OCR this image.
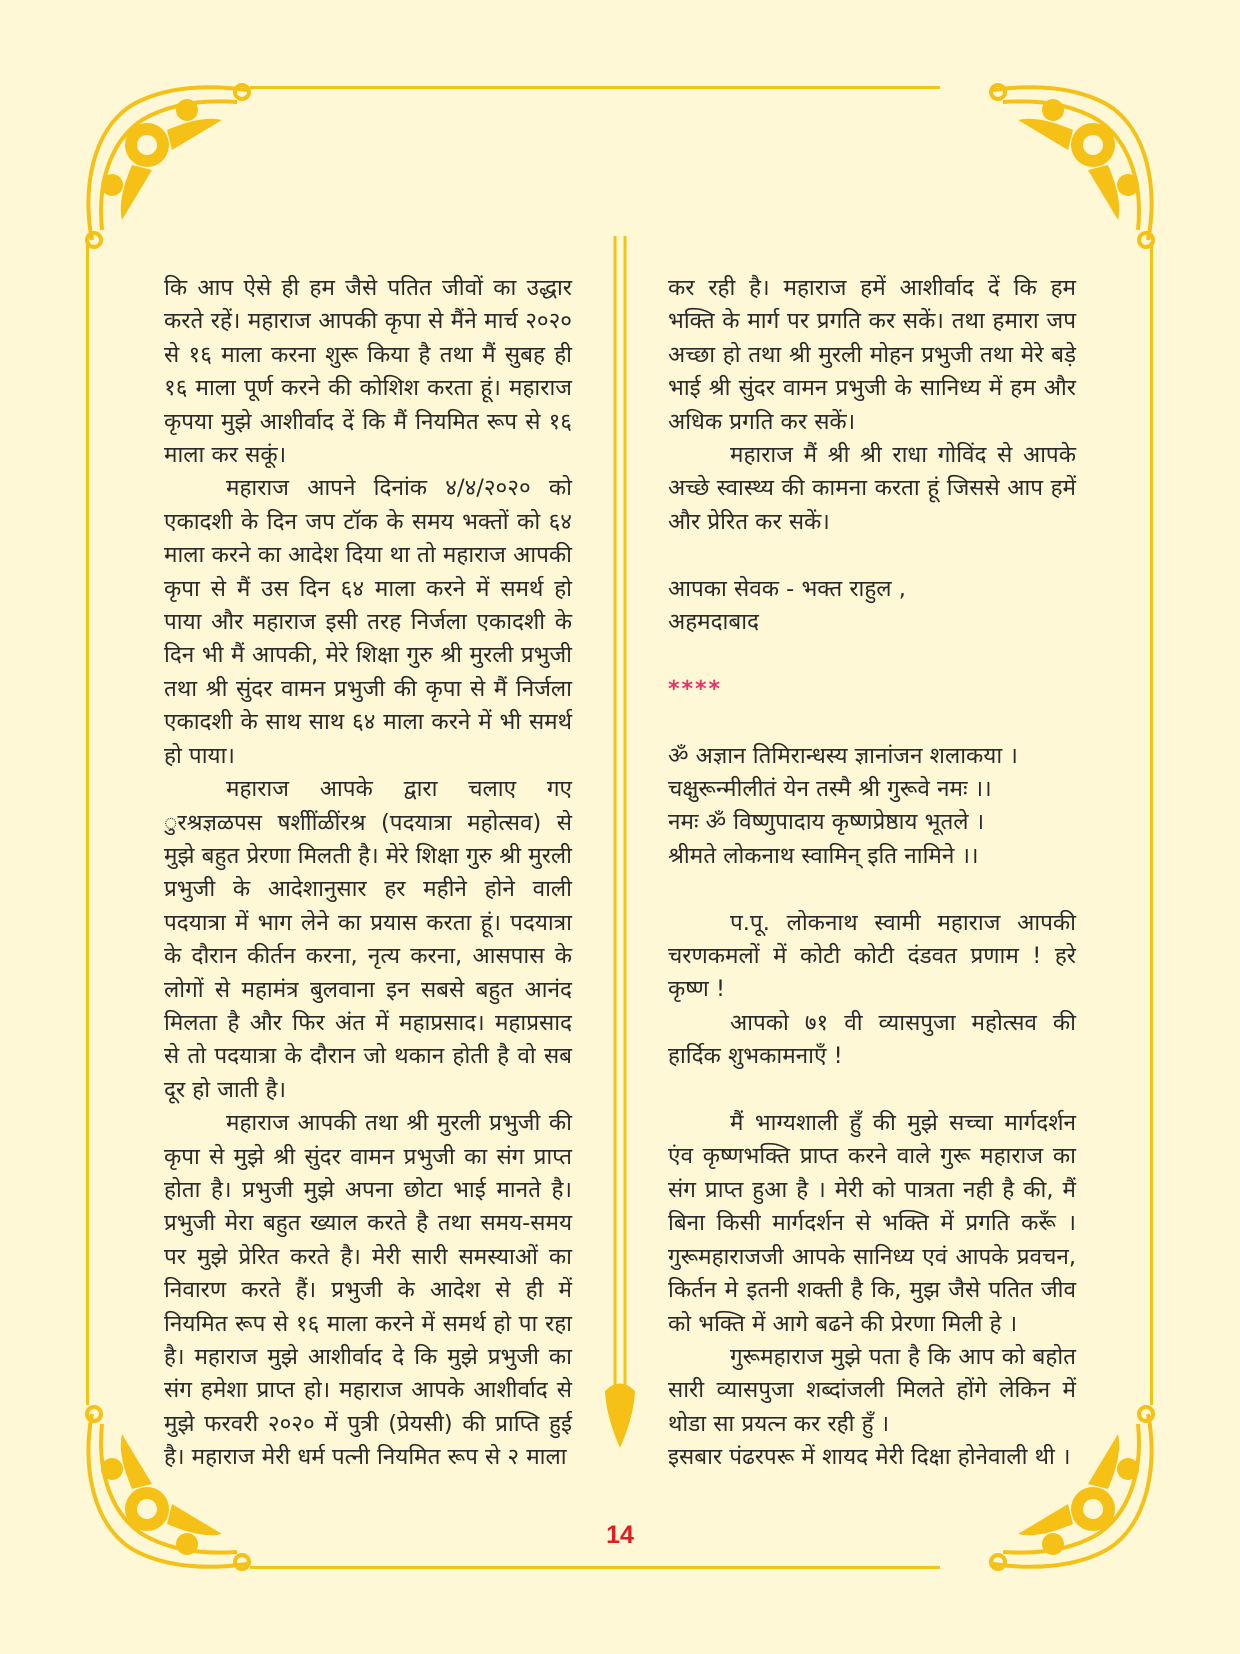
कि आप ऐसे ही हम जैसे पतित जीवों का उद्धार करते रहें। महाराज आपकी कृपा से मैंने मार्च २०२० से १६ माला करना शुरू किया है तथा मैं सुबह ही १६ माला पूर्ण करने की कोशिश करता हूं। महाराज कृपया मुझे आशीर्वाद दें कि मैं नियमित रूप से १६ माला कर सकूं।

महाराज आपने दिनांक ४/४/२०२० को एकादशी के दिन जप टॉक के समय भक्तों को ६४ माला करने का आदेश दिया था तो महाराज आपकी कृपा से मैं उस दिन ६४ माला करने में समर्थ हो पाया और महाराज इसी तरह निर्जला एकादशी के दिन भी मैं आपकी, मेरे शिक्षा गुरु श्री मुरली प्रभुजी तथा श्री सुंदर वामन प्रभुजी की कृपा से मैं निर्जला एकादशी के साथ साथ ६४ माला करने में भी समर्थ हो पाया।

महाराज आपके द्वारा चलाए गए ुरश्रज्ञळपस षशीींळींरश्र (पदयात्रा महोत्सव) से मुझे बहुत प्रेरणा मिलती है। मेरे शिक्षा गुरु श्री मुरली प्रभुजी के आदेशानुसार हर महीने होने वाली पदयात्रा में भाग लेने का प्रयास करता हूं। पदयात्रा के दौरान कीर्तन करना, नृत्य करना, आसपास के लोगों से महामंत्र बुलवाना इन सबसे बहुत आनंद मिलता है और फिर अंत में महाप्रसाद। महाप्रसाद से तो पदयात्रा के दौरान जो थकान होती है वो सब दूर हो जाती है।

महाराज आपकी तथा श्री मुरली प्रभुजी की कृपा से मुझे श्री सुंदर वामन प्रभुजी का संग प्राप्त होता है। प्रभुजी मुझे अपना छोटा भाई मानते है। प्रभुजी मेरा बहुत ख्याल करते है तथा समय-समय पर मुझे प्रेरित करते है। मेरी सारी समस्याओं का निवारण करते हैं। प्रभुजी के आदेश से ही में नियमित रूप से १६ माला करने में समर्थ हो पा रहा है। महाराज मुझे आशीर्वाद दे कि मुझे प्रभुजी का संग हमेशा प्राप्त हो। महाराज आपके आशीर्वाद से मुझे फरवरी २०२० में पुत्री (प्रेयसी) की प्राप्ति हुई है। महाराज मेरी धर्म पत्नी नियमित रूप से २ माला

कर रही है। महाराज हमें आशीर्वाद दें कि हम भक्ति के मार्ग पर प्रगति कर सकें। तथा हमारा जप अच्छा हो तथा श्री मुरली मोहन प्रभुजी तथा मेरे बड़े भाई श्री सुंदर वामन प्रभुजी के सानिध्य में हम और अधिक प्रगति कर सकें।

महाराज मैं श्री श्री राधा गोविंद से आपके अच्छे स्वास्थ्य की कामना करता हूं जिससे आप हमें और प्रेरित कर सकें।

आपका सेवक - भक्त राहुल ,

अहमदाबाद

****

ॐ अज्ञान तिमिरान्धस्य ज्ञानांजन शलाकया ।

चक्षुरून्मीलीतं येन तस्मै श्री गुरूवे नमः ।।

नमः ॐ विष्णुपादाय कृष्णप्रेष्ठाय भूतले ।

श्रीमते लोकनाथ स्वामिन् इति नामिने ।।

प.पू. लोकनाथ स्वामी महाराज आपकी चरणकमलों में कोटी कोटी दंडवत प्रणाम ! हरे कृष्ण !

आपको ७१ वी व्यासपुजा महोत्सव की हार्दिक शुभकामनाएँ !

मैं भाग्यशाली हुँ की मुझे सच्चा मार्गदर्शन एंव कृष्णभक्ति प्राप्त करने वाले गुरू महाराज का संग प्राप्त हुआ है । मेरी को पात्रता नही है की, मैं बिना किसी मार्गदर्शन से भक्ति में प्रगति करूँ । गुरूमहाराजजी आपके सानिध्य एवं आपके प्रवचन, किर्तन मे इतनी शक्ती है कि, मुझ जैसे पतित जीव को भक्ति में आगे बढने की प्रेरणा मिली हे ।

गुरूमहाराज मुझे पता है कि आप को बहोत सारी व्यासपुजा शब्दांजली मिलते होंगे लेकिन में थोडा सा प्रयत्न कर रही हुँ ।

इसबार पंढरपरू में शायद मेरी दिक्षा होनेवाली थी ।

14
